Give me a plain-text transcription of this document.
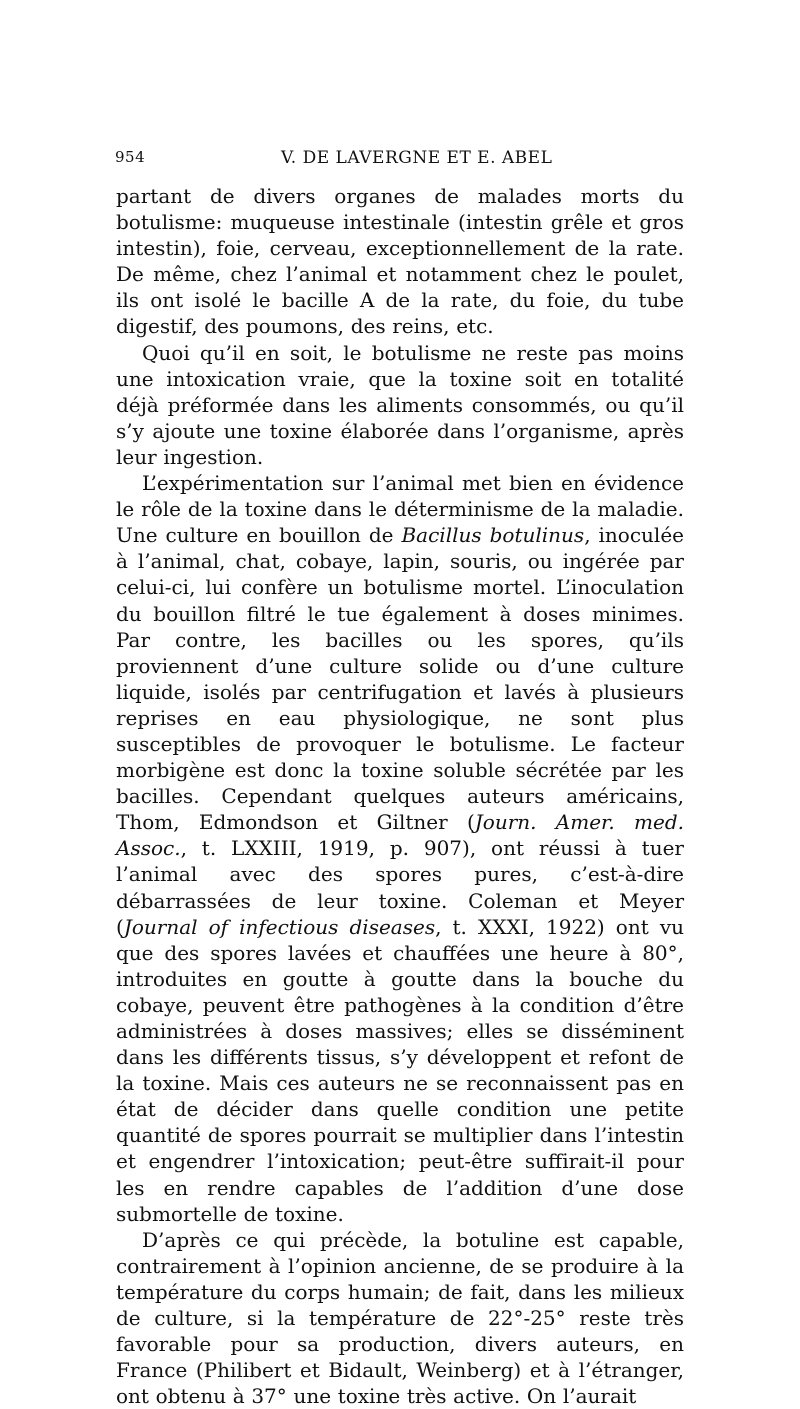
954	V. DE LAVERGNE ET E. ABEL

partant de divers organes de malades morts du botulisme: muqueuse intestinale (intestin grêle et gros intestin), foie, cerveau, exceptionnellement de la rate. De même, chez l’animal et notamment chez le poulet, ils ont isolé le bacille A de la rate, du foie, du tube digestif, des poumons, des reins, etc.

Quoi qu’il en soit, le botulisme ne reste pas moins une intoxication vraie, que la toxine soit en totalité déjà préformée dans les aliments consommés, ou qu’il s’y ajoute une toxine élaborée dans l’organisme, après leur ingestion.

L’expérimentation sur l’animal met bien en évidence le rôle de la toxine dans le déterminisme de la maladie. Une culture en bouillon de Bacillus botulinus, inoculée à l’animal, chat, cobaye, lapin, souris, ou ingérée par celui-ci, lui confère un botulisme mortel. L’inoculation du bouillon filtré le tue également à doses minimes. Par contre, les bacilles ou les spores, qu’ils proviennent d’une culture solide ou d’une culture liquide, isolés par centrifugation et lavés à plusieurs reprises en eau physiologique, ne sont plus susceptibles de provoquer le botulisme. Le facteur morbigène est donc la toxine soluble sécrétée par les bacilles. Cependant quelques auteurs américains, Thom, Edmondson et Giltner (Journ. Amer. med. Assoc., t. LXXIII, 1919, p. 907), ont réussi à tuer l’animal avec des spores pures, c’est-à-dire débarrassées de leur toxine. Coleman et Meyer (Journal of infectious diseases, t. XXXI, 1922) ont vu que des spores lavées et chauffées une heure à 80°, introduites en goutte à goutte dans la bouche du cobaye, peuvent être pathogènes à la condition d’être administrées à doses massives; elles se disséminent dans les différents tissus, s’y développent et refont de la toxine. Mais ces auteurs ne se reconnaissent pas en état de décider dans quelle condition une petite quantité de spores pourrait se multiplier dans l’intestin et engendrer l’intoxication; peut-être suffirait-il pour les en rendre capables de l’addition d’une dose submortelle de toxine.

D’après ce qui précède, la botuline est capable, contrairement à l’opinion ancienne, de se produire à la température du corps humain; de fait, dans les milieux de culture, si la température de 22°-25° reste très favorable pour sa production, divers auteurs, en France (Philibert et Bidault, Weinberg) et à l’étranger, ont obtenu à 37° une toxine très active. On l’aurait
